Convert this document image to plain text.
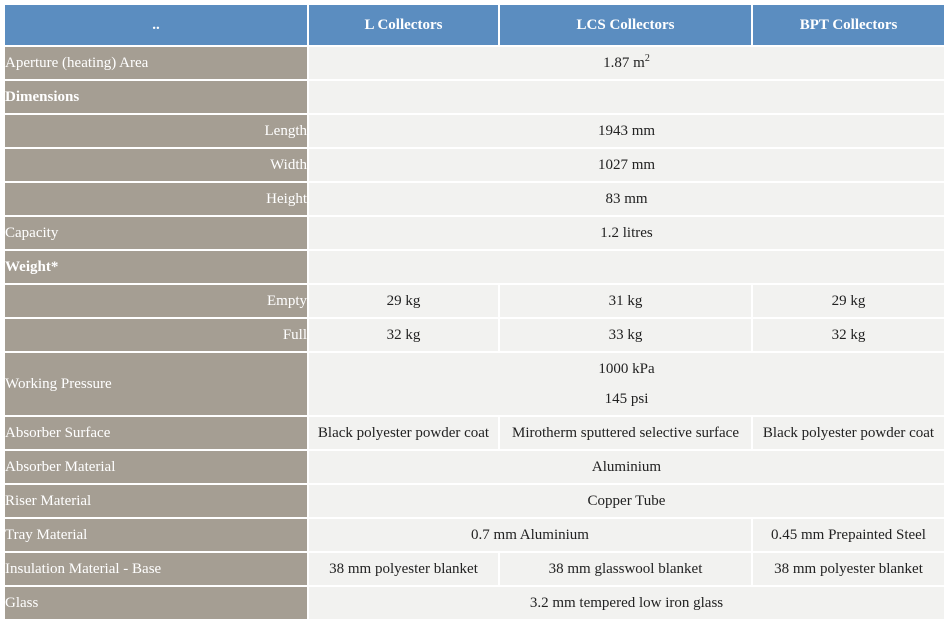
..	L Collectors	LCS Collectors	BPT Collectors
Aperture (heating) Area	1.87 $m^2$
Dimensions			
Length	1943 mm		
Width	1027 mm		
Height	83 mm		
Capacity	1.2 litres		
Weight*			
Empty	29 kg	31 kg	29 kg
Full	32 kg	33 kg	32 kg
Working Pressure	1000 kPa
145 psi		

Absorber Surface	Black polyester powder coat	Mirotherm sputtered selective surface	Black polyester powder coat
Absorber Material	Aluminium		
Riser Material	Copper Tube		
Tray Material	0.7 mm Aluminium		0.45 mm Prepainted Steel
Insulation Material - Base	38 mm polyester blanket	38 mm glasswool blanket	38 mm polyester blanket
Glass	3.2 mm tempered low iron glass		
